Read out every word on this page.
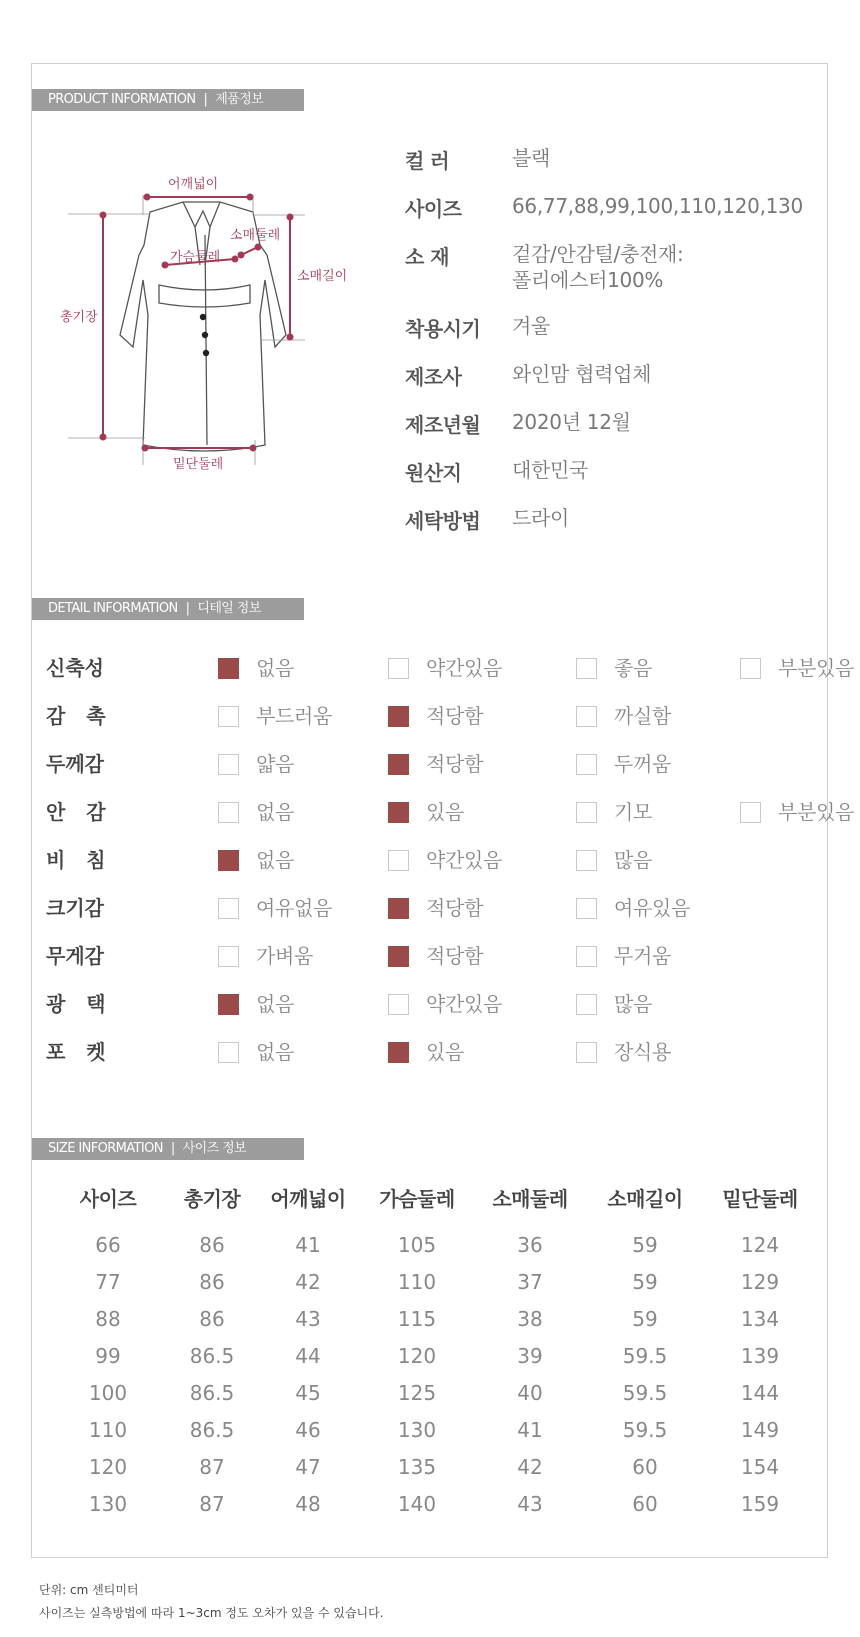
PRODUCT INFORMATION | 제품정보
어깨넓이
소매둘레
가슴둘레
소매길이
총기장
밑단둘레
컬 러	블랙
사이즈	66,77,88,99,100,110,120,130
소 재	겉감/안감털/충전재:
폴리에스터100%
착용시기 겨울
제조사	와인맘 협력업체
제조년월 2020년 12월
원산지	대한민국
세탁방법 드라이
DETAIL INFORMATION | 디테일 정보
신축성	없음	약간있음	좋음	부분있음
감   촉	부드러움	적당함	까실함
두께감	얇음	적당함	두꺼움
안   감	없음	있음	기모	부분있음
비   침	없음	약간있음	많음
크기감	여유없음	적당함	여유있음
무게감	가벼움	적당함	무거움
광   택	없음	약간있음	많음
포   켓	없음	있음	장식용
SIZE INFORMATION | 사이즈 정보
사이즈	총기장	어깨넓이	가슴둘레	소매둘레	소매길이	밑단둘레
66	86	41	105	36	59	124
77	86	42	110	37	59	129
88	86	43	115	38	59	134
99	86.5	44	120	39	59.5	139
100	86.5	45	125	40	59.5	144
110	86.5	46	130	41	59.5	149
120	87	47	135	42	60	154
130	87	48	140	43	60	159
단위: cm 센티미터
사이즈는 실측방법에 따라 1~3cm 정도 오차가 있을 수 있습니다.
